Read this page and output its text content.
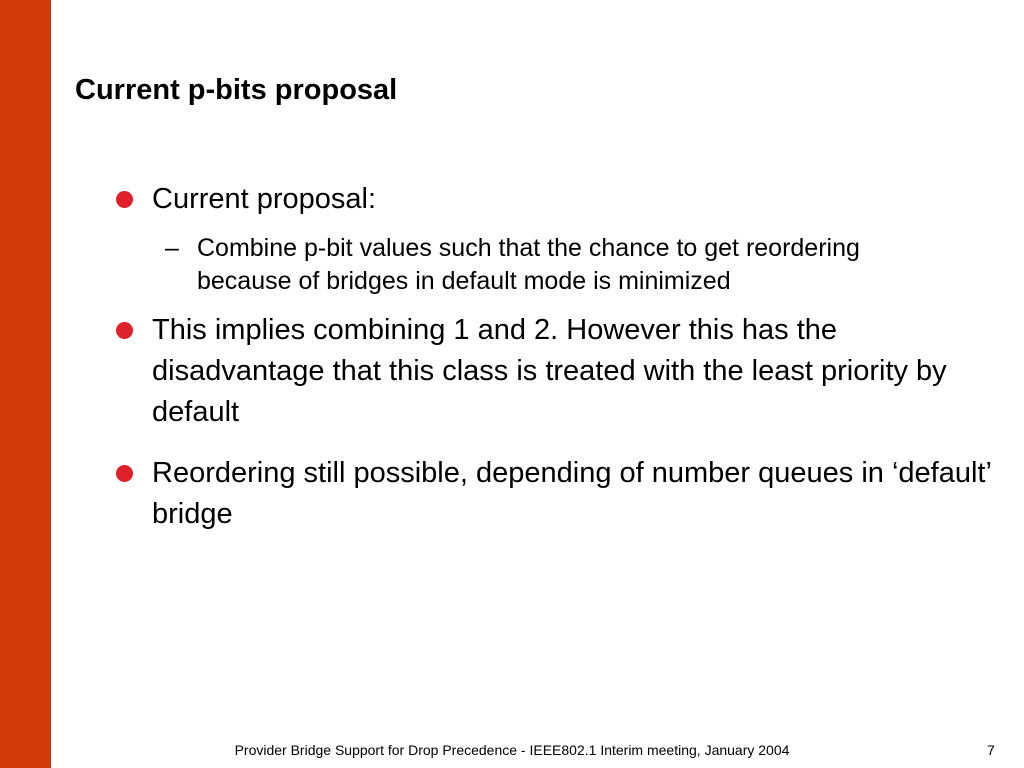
Current p-bits proposal
Current proposal:
– Combine p-bit values such that the chance to get reordering because of bridges in default mode is minimized
This implies combining 1 and 2. However this has the disadvantage that this class is treated with the least priority by default
Reordering still possible, depending of number queues in ‘default’ bridge
Provider Bridge Support for Drop Precedence - IEEE802.1 Interim meeting, January 2004	7
